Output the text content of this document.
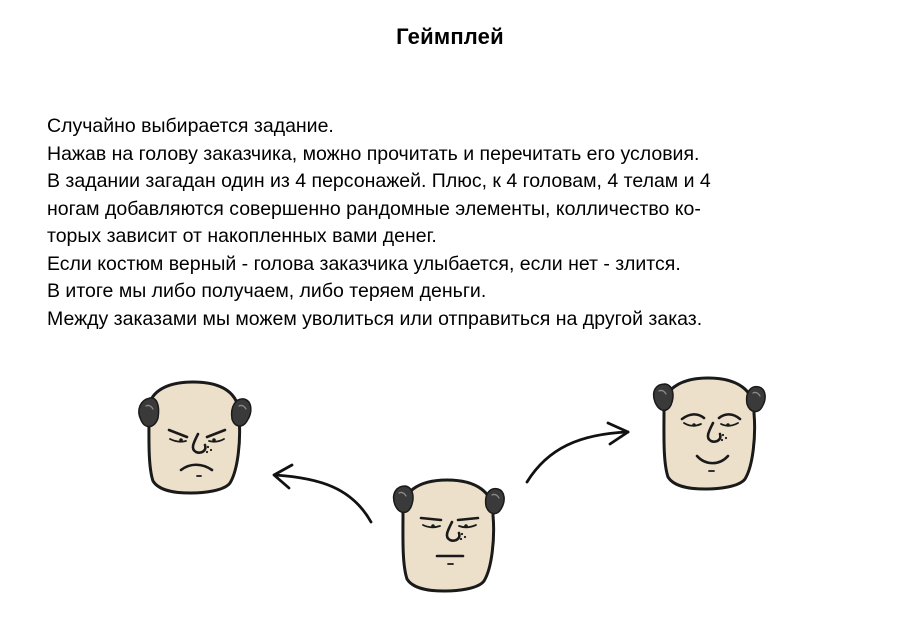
Геймплей
Случайно выбирается задание.
Нажав на голову заказчика, можно прочитать и перечитать его условия.
В задании загадан один из 4 персонажей. Плюс, к 4 головам, 4 телам и 4
ногам добавляются совершенно рандомные элементы, колличество ко-
торых зависит от накопленных вами денег.
Если костюм верный - голова заказчика улыбается, если нет - злится.
В итоге мы либо получаем, либо теряем деньги.
Между заказами мы можем уволиться или отправиться на другой заказ.
